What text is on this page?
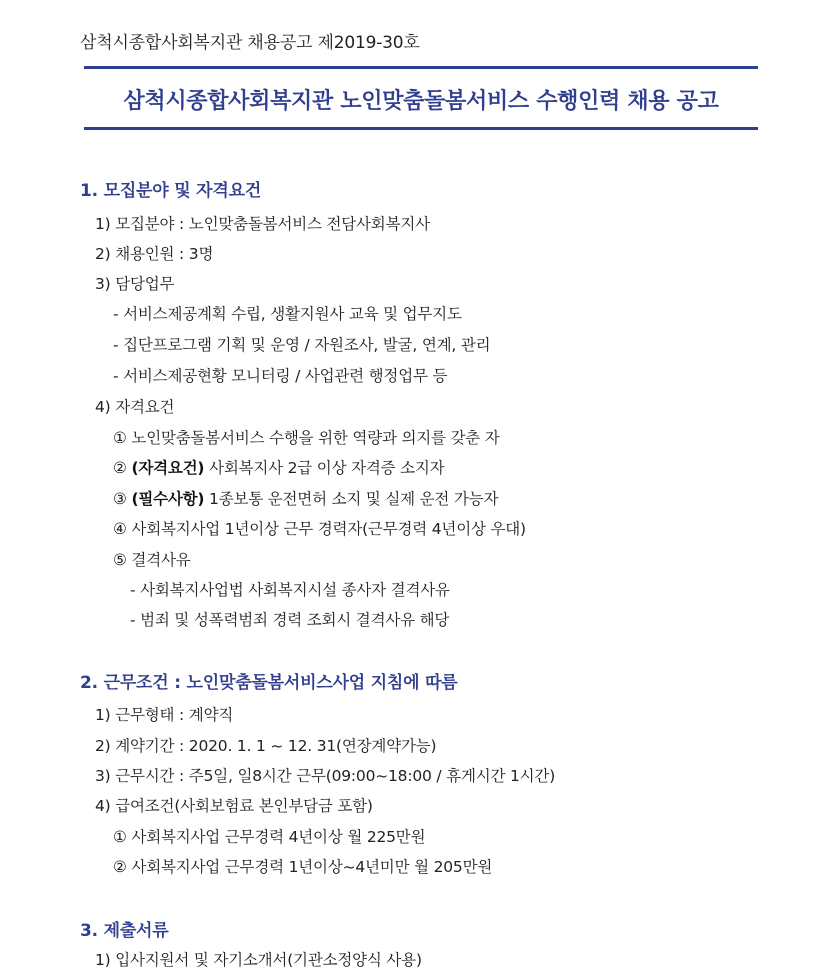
삼척시종합사회복지관 채용공고 제2019-30호
삼척시종합사회복지관 노인맞춤돌봄서비스 수행인력 채용 공고
1. 모집분야 및 자격요건
1) 모집분야 : 노인맞춤돌봄서비스 전담사회복지사
2) 채용인원 : 3명
3) 담당업무
- 서비스제공계획 수립, 생활지원사 교육 및 업무지도
- 집단프로그램 기획 및 운영 / 자원조사, 발굴, 연계, 관리
- 서비스제공현황 모니터링 / 사업관련 행정업무 등
4) 자격요건
① 노인맞춤돌봄서비스 수행을 위한 역량과 의지를 갖춘 자
② (자격요건) 사회복지사 2급 이상 자격증 소지자
③ (필수사항) 1종보통 운전면허 소지 및 실제 운전 가능자
④ 사회복지사업 1년이상 근무 경력자(근무경력 4년이상 우대)
⑤ 결격사유
- 사회복지사업법 사회복지시설 종사자 결격사유
- 범죄 및 성폭력범죄 경력 조회시 결격사유 해당
2. 근무조건 : 노인맞춤돌봄서비스사업 지침에 따름
1) 근무형태 : 계약직
2) 계약기간 : 2020. 1. 1 ~ 12. 31(연장계약가능)
3) 근무시간 : 주5일, 일8시간 근무(09:00~18:00 / 휴게시간 1시간)
4) 급여조건(사회보험료 본인부담금 포함)
① 사회복지사업 근무경력 4년이상 월 225만원
② 사회복지사업 근무경력 1년이상~4년미만 월 205만원
3. 제출서류
1) 입사지원서 및 자기소개서(기관소정양식 사용)
